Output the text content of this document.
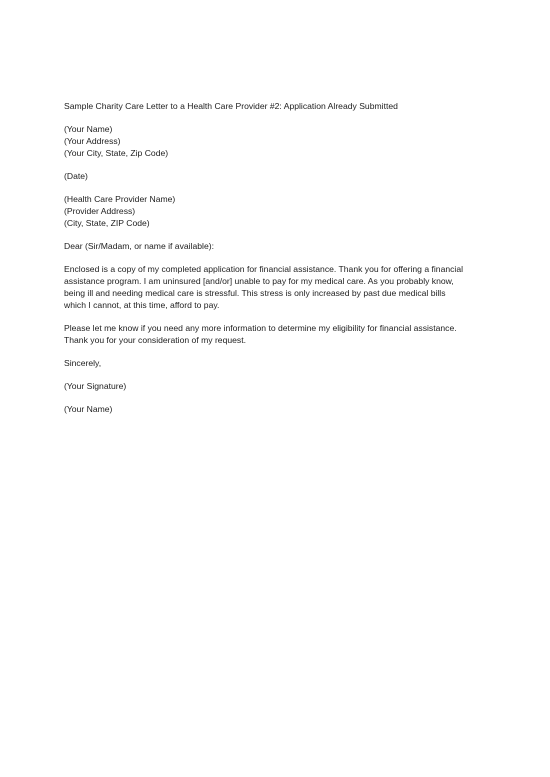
Sample Charity Care Letter to a Health Care Provider #2: Application Already Submitted
(Your Name)
(Your Address)
(Your City, State, Zip Code)
(Date)
(Health Care Provider Name)
(Provider Address)
(City, State, ZIP Code)
Dear (Sir/Madam, or name if available):
Enclosed is a copy of my completed application for financial assistance. Thank you for offering a financial
assistance program. I am uninsured [and/or] unable to pay for my medical care. As you probably know,
being ill and needing medical care is stressful. This stress is only increased by past due medical bills
which I cannot, at this time, afford to pay.
Please let me know if you need any more information to determine my eligibility for financial assistance.
Thank you for your consideration of my request.
Sincerely,
(Your Signature)
(Your Name)
